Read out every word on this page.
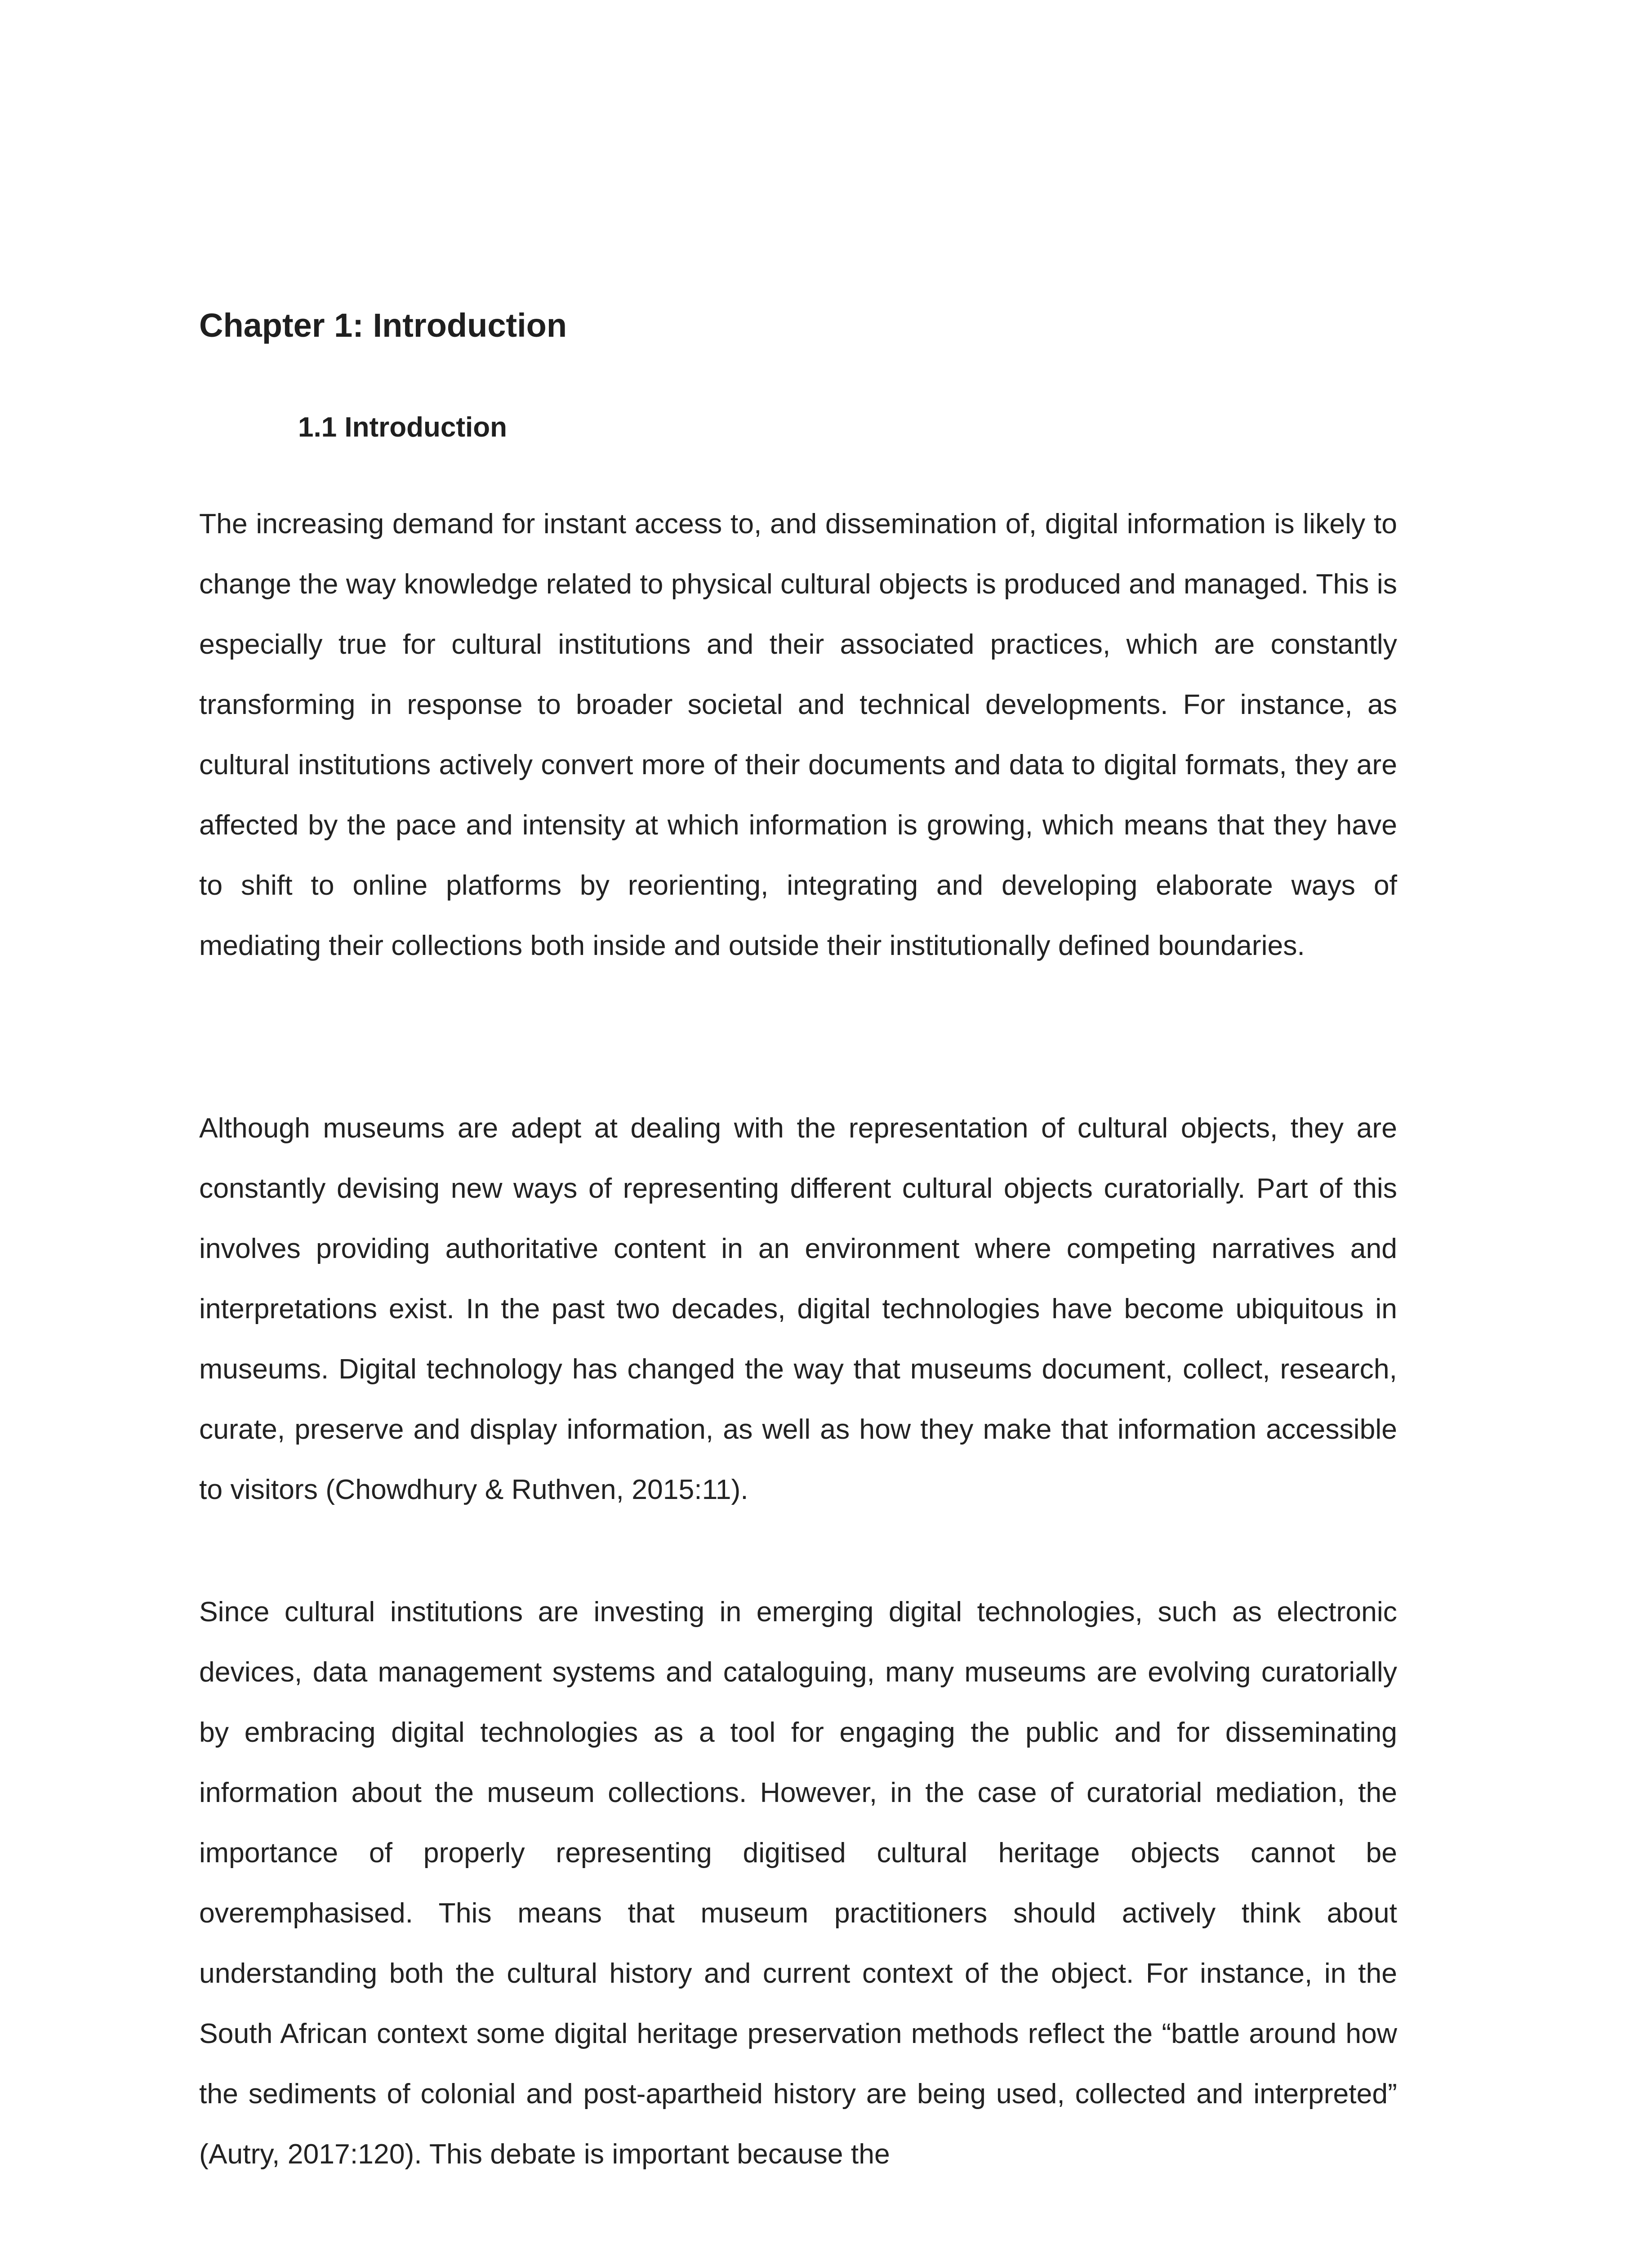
Chapter 1: Introduction
1.1 Introduction

The increasing demand for instant access to, and dissemination of, digital information is likely to change the way knowledge related to physical cultural objects is produced and managed. This is especially true for cultural institutions and their associated practices, which are constantly transforming in response to broader societal and technical developments. For instance, as cultural institutions actively convert more of their documents and data to digital formats, they are affected by the pace and intensity at which information is growing, which means that they have to shift to online platforms by reorienting, integrating and developing elaborate ways of mediating their collections both inside and outside their institutionally defined boundaries.

Although museums are adept at dealing with the representation of cultural objects, they are constantly devising new ways of representing different cultural objects curatorially. Part of this involves providing authoritative content in an environment where competing narratives and interpretations exist. In the past two decades, digital technologies have become ubiquitous in museums. Digital technology has changed the way that museums document, collect, research, curate, preserve and display information, as well as how they make that information accessible to visitors (Chowdhury & Ruthven, 2015:11).

Since cultural institutions are investing in emerging digital technologies, such as electronic devices, data management systems and cataloguing, many museums are evolving curatorially by embracing digital technologies as a tool for engaging the public and for disseminating information about the museum collections. However, in the case of curatorial mediation, the importance of properly representing digitised cultural heritage objects cannot be overemphasised. This means that museum practitioners should actively think about understanding both the cultural history and current context of the object. For instance, in the South African context some digital heritage preservation methods reflect the “battle around how the sediments of colonial and post-apartheid history are being used, collected and interpreted” (Autry, 2017:120). This debate is important because the
